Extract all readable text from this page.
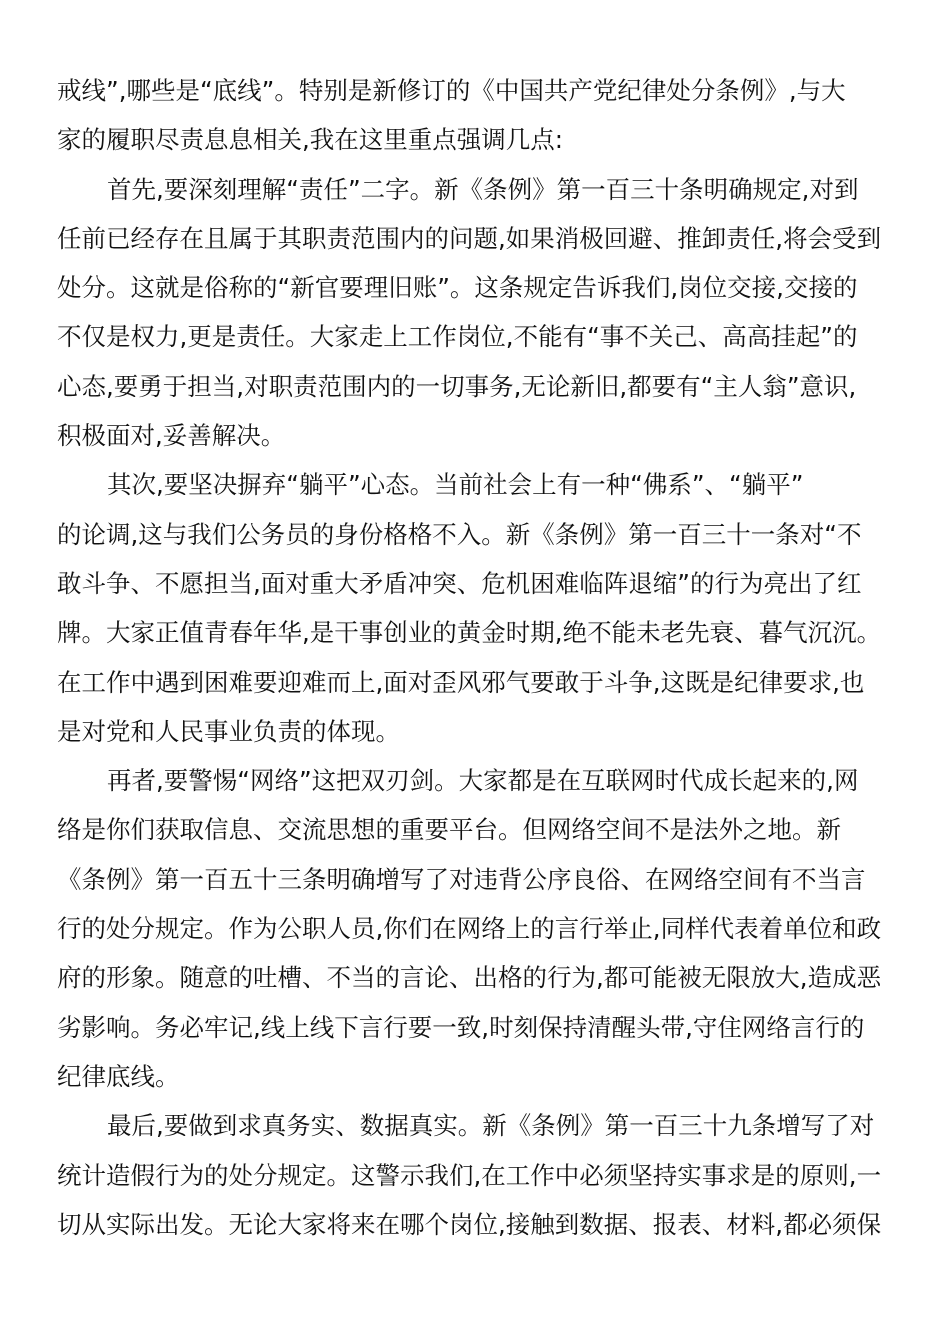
戒线”,哪些是“底线”。特别是新修订的《中国共产党纪律处分条例》,与大
家的履职尽责息息相关,我在这里重点强调几点:
首先,要深刻理解“责任”二字。新《条例》第一百三十条明确规定,对到
任前已经存在且属于其职责范围内的问题,如果消极回避、推卸责任,将会受到
处分。这就是俗称的“新官要理旧账”。这条规定告诉我们,岗位交接,交接的
不仅是权力,更是责任。大家走上工作岗位,不能有“事不关己、高高挂起”的
心态,要勇于担当,对职责范围内的一切事务,无论新旧,都要有“主人翁”意识,
积极面对,妥善解决。
其次,要坚决摒弃“躺平”心态。当前社会上有一种“佛系”、“躺平”
的论调,这与我们公务员的身份格格不入。新《条例》第一百三十一条对“不
敢斗争、不愿担当,面对重大矛盾冲突、危机困难临阵退缩”的行为亮出了红
牌。大家正值青春年华,是干事创业的黄金时期,绝不能未老先衰、暮气沉沉。
在工作中遇到困难要迎难而上,面对歪风邪气要敢于斗争,这既是纪律要求,也
是对党和人民事业负责的体现。
再者,要警惕“网络”这把双刃剑。大家都是在互联网时代成长起来的,网
络是你们获取信息、交流思想的重要平台。但网络空间不是法外之地。新
《条例》第一百五十三条明确增写了对违背公序良俗、在网络空间有不当言
行的处分规定。作为公职人员,你们在网络上的言行举止,同样代表着单位和政
府的形象。随意的吐槽、不当的言论、出格的行为,都可能被无限放大,造成恶
劣影响。务必牢记,线上线下言行要一致,时刻保持清醒头带,守住网络言行的
纪律底线。
最后,要做到求真务实、数据真实。新《条例》第一百三十九条增写了对
统计造假行为的处分规定。这警示我们,在工作中必须坚持实事求是的原则,一
切从实际出发。无论大家将来在哪个岗位,接触到数据、报表、材料,都必须保
